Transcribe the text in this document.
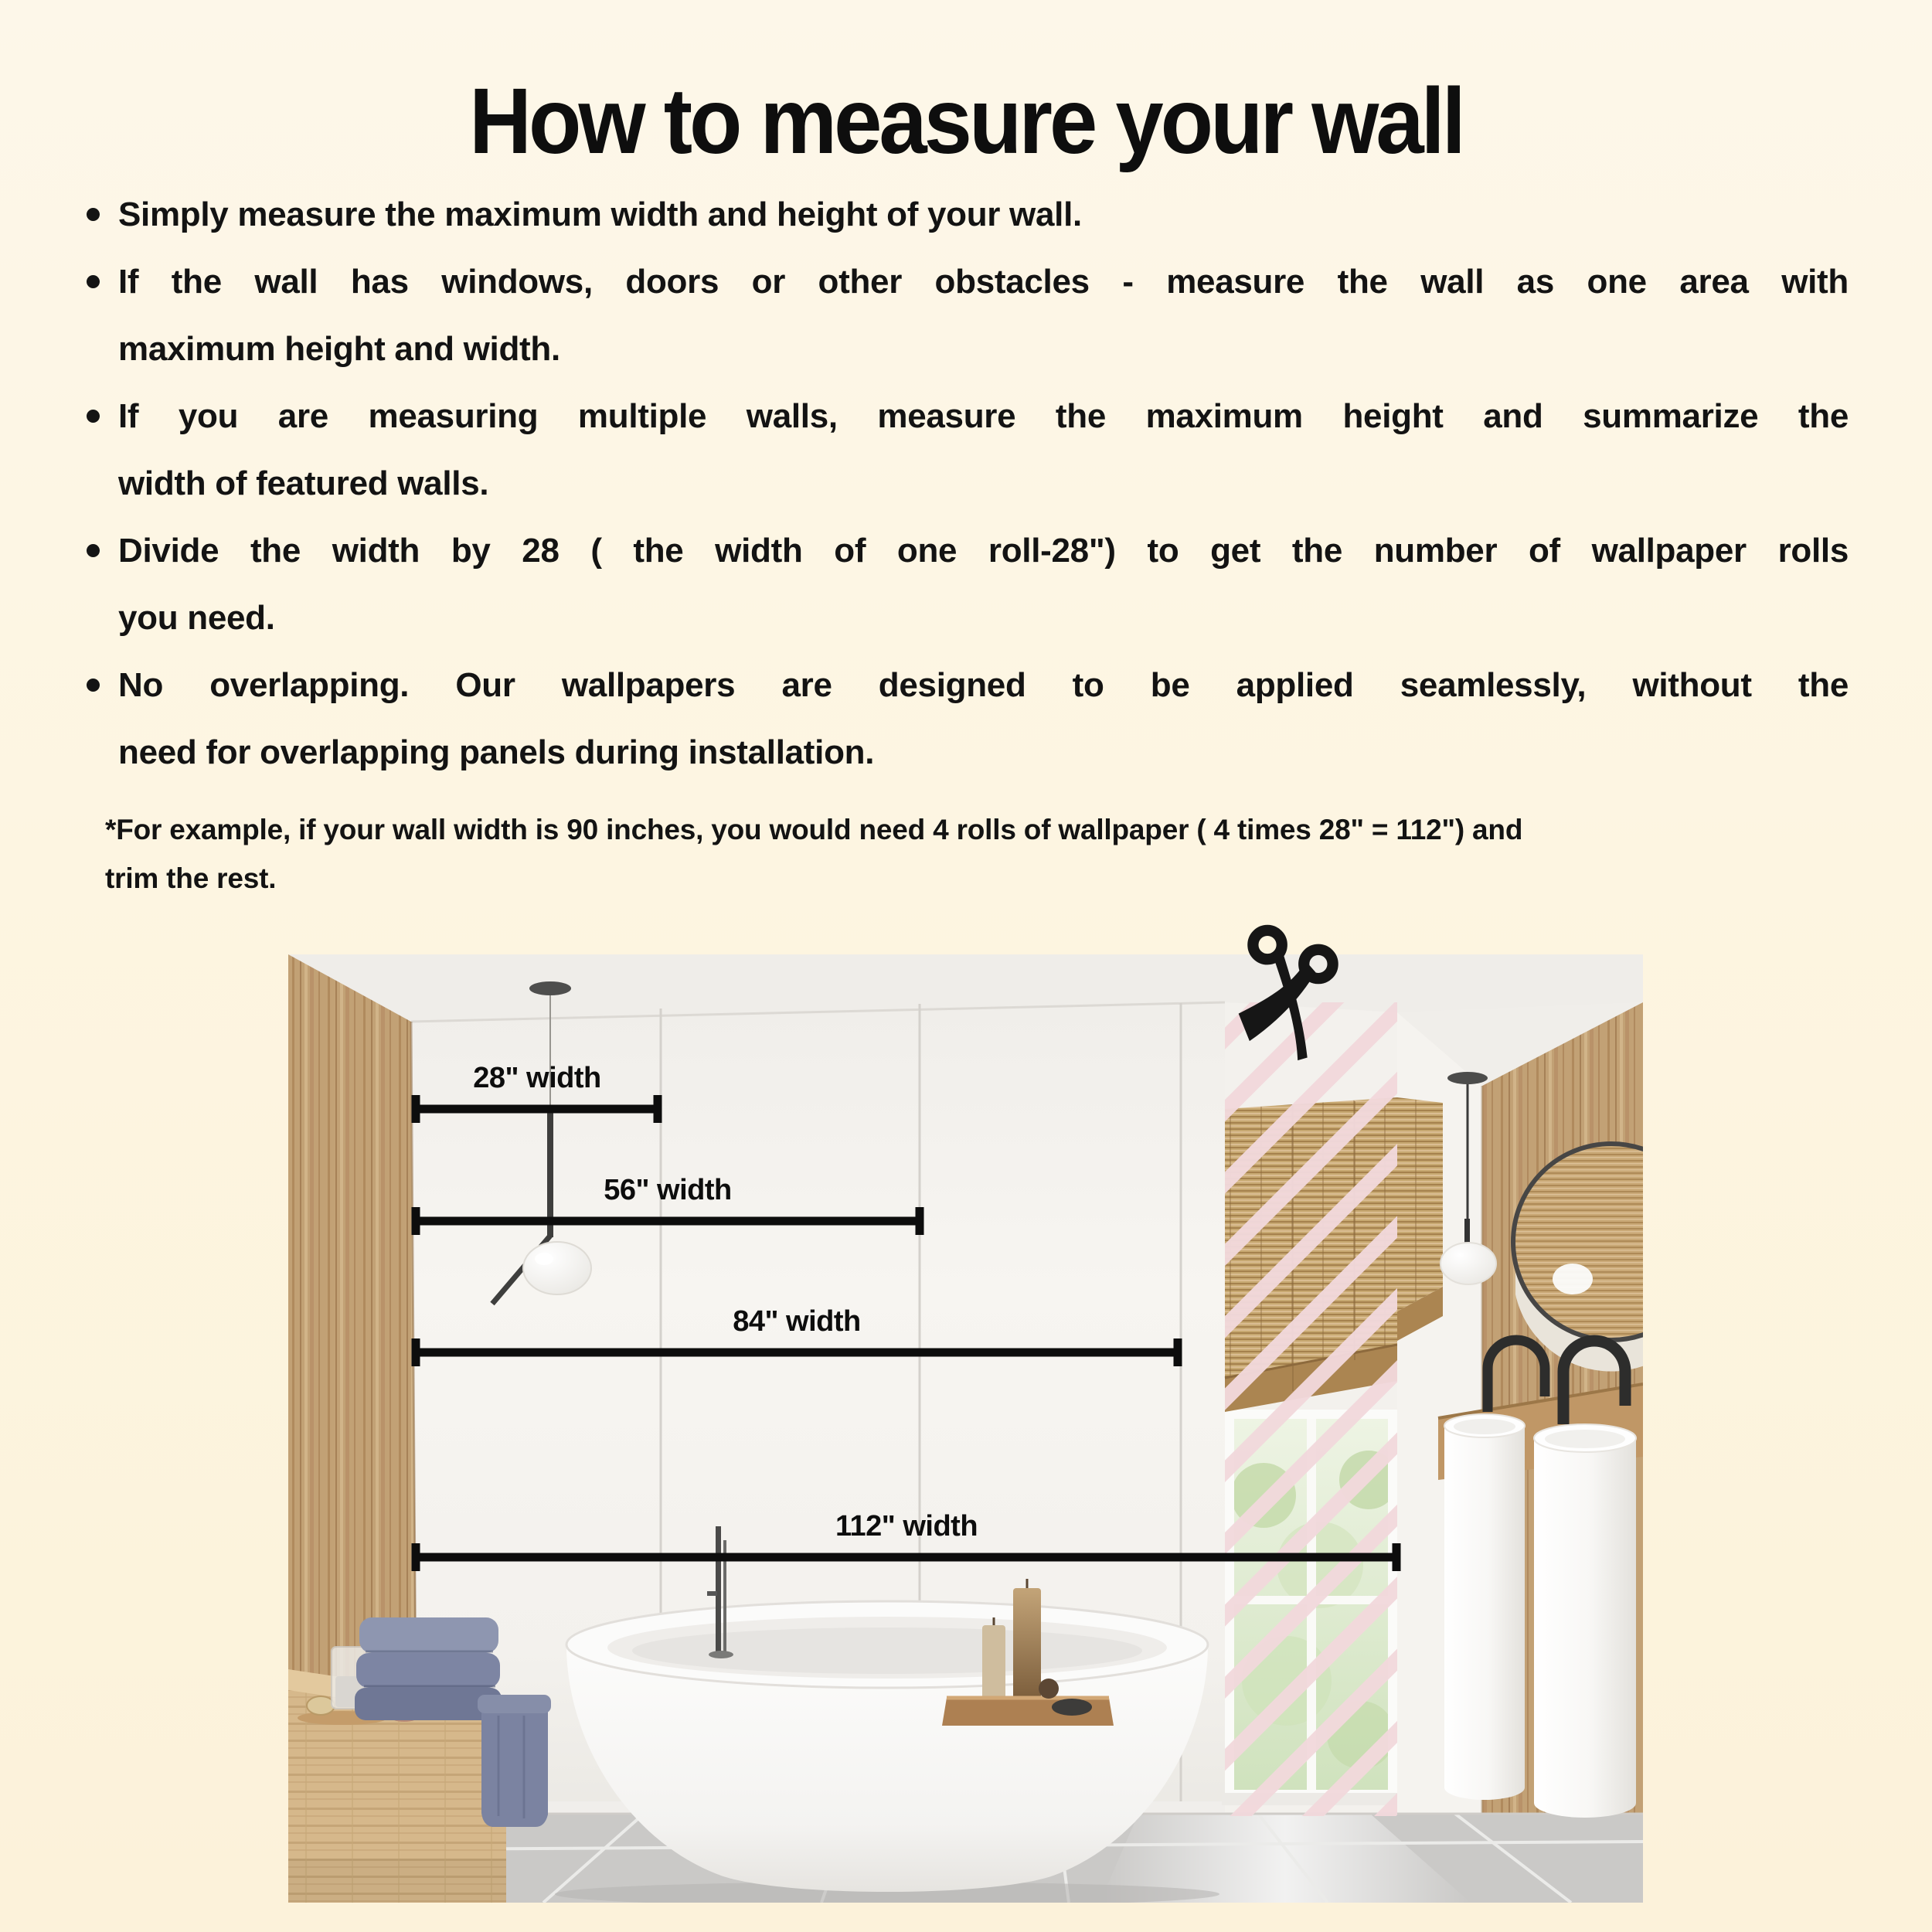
How to measure your wall
Simply measure the maximum width and height of your wall.
If the wall has windows, doors or other obstacles - measure the wall as one area with
maximum height and width.
If you are measuring multiple walls, measure the maximum height and summarize the
width of featured walls.
Divide the width by 28 ( the width of one roll-28") to get the number of wallpaper rolls
you need.
No overlapping. Our wallpapers are designed to be applied seamlessly, without the
need for overlapping panels during installation.
*For example, if your wall width is 90 inches, you would need 4 rolls of wallpaper ( 4 times 28" = 112") and
trim the rest.
28" width
56" width
84" width
112" width
